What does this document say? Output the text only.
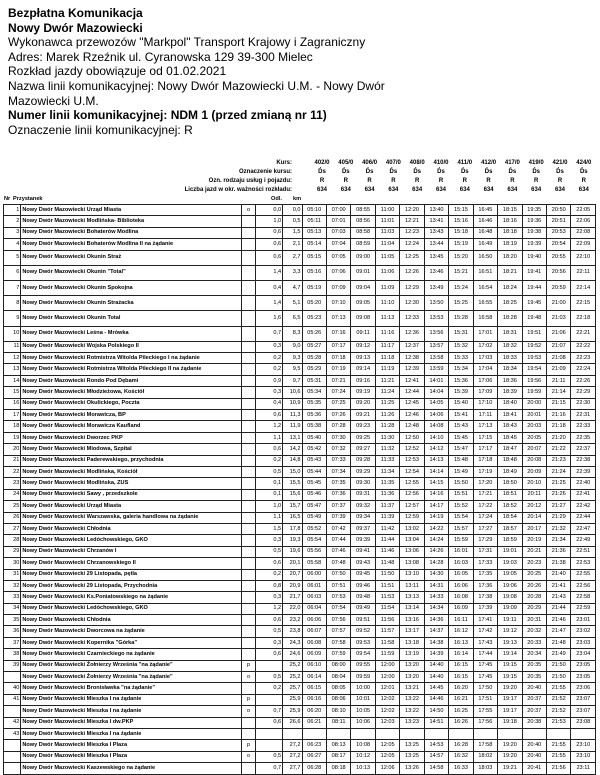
Bezpłatna Komunikacja
Nowy Dwór Mazowiecki
Wykonawca przewozów "Markpol" Transport Krajowy i Zagraniczny
Adres: Marek Rzeźnik ul. Cyranowska 129 39-300 Mielec
Rozkład jazdy obowiązuje od 01.02.2021
Nazwa linii komunikacyjnej: Nowy Dwór Mazowiecki U.M. - Nowy Dwór
Mazowiecki U.M.
Numer linii komunikacyjnej: NDM 1 (przed zmianą nr 11)
Oznaczenie linii komunikacyjnej: R
Kurs:	402/0	405/0	406/0	407/0	408/0	410/0	411/0	412/0	417/0	419/0	421/0	424/0
Oznaczenie kursu:	D́s	D́s	D́s	D́s	D́s	D́s	D́s	D́s	D́s	D́s	D́s	D́s
Ozn. rodzaju usług i pojazdu:	R	R	R	R	R	R	R	R	R	R	R	R
Liczba jazd w okr. ważności rozkładu:	634	634	634	634	634	634	634	634	634	634	634	634
Nr Przystanek	Odl. km
1	Nowy Dwór Mazowiecki Urząd Miasta	o	0,0	0,0	05:10	07:00	08:55	11:00	12:20	13:40	15:15	16:45	18:15	19:35	20:50	22:05
2	Nowy Dwór Mazowiecki Modlińska- Biblioteka		1,0	0,5	05:11	07:01	08:56	11:01	12:21	13:41	15:16	16:46	18:16	19:36	20:51	22:06
3	Nowy Dwór Mazowiecki Bohaterów Modlina		0,6	1,5	05:13	07:03	08:58	11:03	12:23	13:43	15:18	16:48	18:18	19:38	20:53	22:08
4	Nowy Dwór Mazowiecki Bohaterów Modlina II na żądanie		0,6	2,1	05:14	07:04	08:59	11:04	12:24	13:44	15:19	16:49	18:19	19:39	20:54	22:09
5	Nowy Dwór Mazowiecki Okunin Straż		0,6	2,7	05:15	07:05	09:00	11:05	12:25	13:45	15:20	16:50	18:20	19:40	20:55	22:10
6	Nowy Dwór Mazowiecki Okunin "Total"		1,4	3,3	05:16	07:06	09:01	11:06	12:26	13:46	15:21	16:51	18:21	19:41	20:56	22:11
7	Nowy Dwór Mazowiecki Okunin Spokojna		0,4	4,7	05:19	07:09	09:04	11:09	12:29	13:49	15:24	16:54	18:24	19:44	20:59	22:14
8	Nowy Dwór Mazowiecki Okunin Strażacka		1,4	5,1	05:20	07:10	09:05	11:10	12:30	13:50	15:25	16:55	18:25	19:45	21:00	22:15
9	Nowy Dwór Mazowiecki Okunin Total		1,6	6,5	05:23	07:13	09:08	11:13	12:33	13:53	15:28	16:58	18:28	19:48	21:03	22:18
10	Nowy Dwór Mazowiecki Leśna - Mrówka		0,7	8,3	05:26	07:16	09:11	11:16	12:36	13:56	15:31	17:01	18:31	19:51	21:06	22:21
11	Nowy Dwór Mazowiecki Wojska Polskiego II		0,3	9,0	05:27	07:17	09:12	11:17	12:37	13:57	15:32	17:02	18:32	19:52	21:07	22:22
12	Nowy Dwór Mazowiecki Rotmistrza Witolda Pileckiego I na żądanie		0,2	9,3	05:28	07:18	09:13	11:18	12:38	13:58	15:33	17:03	18:33	19:53	21:08	22:23
13	Nowy Dwór Mazowiecki Rotmistrza Witolda Pileckiego II na żądanie		0,2	9,5	05:29	07:19	09:14	11:19	12:39	13:59	15:34	17:04	18:34	19:54	21:09	22:24
14	Nowy Dwór Mazowiecki Rondo Pod Dębami		0,9	9,7	05:31	07:21	09:16	11:21	12:41	14:01	15:36	17:06	18:36	19:56	21:11	22:26
15	Nowy Dwór Mazowiecki Młodzieżowa, Kościół		0,3	10,6	05:34	07:24	09:19	11:24	12:44	14:04	15:39	17:09	18:39	19:59	21:14	22:29
16	Nowy Dwór Mazowiecki Okulickiego, Poczta		0,4	10,9	05:35	07:25	09:20	11:25	12:45	14:05	15:40	17:10	18:40	20:00	21:15	22:30
17	Nowy Dwór Mazowiecki Morawicza, BP		0,6	11,3	05:36	07:26	09:21	11:26	12:46	14:06	15:41	17:11	18:41	20:01	21:16	22:31
18	Nowy Dwór Mazowiecki Morawicza Kaufland		1,2	11,9	05:38	07:28	09:23	11:28	12:48	14:08	15:43	17:13	18:43	20:03	21:18	22:33
19	Nowy Dwór Mazowiecki Dworzec PKP		1,1	13,1	05:40	07:30	09:25	11:30	12:50	14:10	15:45	17:15	18:45	20:05	21:20	22:35
20	Nowy Dwór Mazowiecki Miodowa, Szpital		0,6	14,2	05:42	07:32	09:27	11:32	12:52	14:12	15:47	17:17	18:47	20:07	21:22	22:37
21	Nowy Dwór Mazowiecki Paderewskiego, przychodnia		0,2	14,8	05:43	07:33	09:28	11:33	12:53	14:13	15:48	17:18	18:48	20:08	21:23	22:38
22	Nowy Dwór Mazowiecki Modlińska, Kościół		0,5	15,0	05:44	07:34	09:29	11:34	12:54	14:14	15:49	17:19	18:49	20:09	21:24	22:39
23	Nowy Dwór Mazowiecki Modlińska, ZUS		0,1	15,5	05:45	07:35	09:30	11:35	12:55	14:15	15:50	17:20	18:50	20:10	21:25	22:40
24	Nowy Dwór Mazowiecki Sawy , przedszkole		0,1	15,6	05:46	07:36	09:31	11:36	12:56	14:16	15:51	17:21	18:51	20:11	21:26	22:41
25	Nowy Dwór Mazowiecki Urząd Miasta		1,0	15,7	05:47	07:37	09:32	11:37	12:57	14:17	15:52	17:22	18:52	20:12	21:27	22:42
26	Nowy Dwór Mazowiecki Warszawska, galeria handlowa na żądanie		1,1	16,5	05:49	07:39	09:34	11:39	12:59	14:19	15:54	17:24	18:54	20:14	21:29	22:44
27	Nowy Dwór Mazowiecki Chłodnia		1,5	17,8	05:52	07:42	09:37	11:42	13:02	14:22	15:57	17:27	18:57	20:17	21:32	22:47
28	Nowy Dwór Mazowiecki Ledóchowskiego, GKO		0,3	19,3	05:54	07:44	09:39	11:44	13:04	14:24	15:59	17:29	18:59	20:19	21:34	22:49
29	Nowy Dwór Mazowiecki Chrzanów I		0,5	19,6	05:56	07:46	09:41	11:46	13:06	14:26	16:01	17:31	19:01	20:21	21:36	22:51
30	Nowy Dwór Mazowiecki Chrzanowskiego II		0,6	20,1	05:58	07:48	09:43	11:48	13:08	14:28	16:03	17:33	19:03	20:23	21:38	22:53
31	Nowy Dwór Mazowiecki 29 Listopada, pętla		0,2	20,7	06:00	07:50	09:45	11:50	13:10	14:30	16:05	17:35	19:05	20:25	21:40	22:55
32	Nowy Dwór Mazowiecki 29 Listopada, Przychodnia		0,8	20,9	06:01	07:51	09:46	11:51	13:11	14:31	16:06	17:36	19:06	20:26	21:41	22:56
33	Nowy Dwór Mazowiecki Ks.Poniatowskiego na żądanie		0,3	21,7	06:03	07:53	09:48	11:53	13:13	14:33	16:08	17:38	19:08	20:28	21:43	22:58
34	Nowy Dwór Mazowiecki Ledóchowskiego, GKO		1,2	22,0	06:04	07:54	09:49	11:54	13:14	14:34	16:09	17:39	19:09	20:29	21:44	22:59
35	Nowy Dwór Mazowiecki Chłodnia		0,6	23,2	06:06	07:56	09:51	11:56	13:16	14:36	16:11	17:41	19:11	20:31	21:46	23:01
36	Nowy Dwór Mazowiecki Dworcowa na żądanie		0,5	23,8	06:07	07:57	09:52	11:57	13:17	14:37	16:12	17:42	19:12	20:32	21:47	23:02
37	Nowy Dwór Mazowiecki Kopernika "Górka"		0,3	24,3	06:08	07:58	09:53	11:58	13:18	14:38	16:13	17:43	19:13	20:33	21:48	23:03
38	Nowy Dwór Mazowiecki Czarnieckiego na żądanie		0,6	24,6	06:09	07:59	09:54	11:59	13:19	14:39	16:14	17:44	19:14	20:34	21:49	23:04
39	Nowy Dwór Mazowiecki Żołnierzy Września "na żądanie"	p		25,2	06:10	08:00	09:55	12:00	13:20	14:40	16:15	17:45	19:15	20:35	21:50	23:05
	Nowy Dwór Mazowiecki Żołnierzy Września "na żądanie"	o	0,5	25,2	06:14	08:04	09:59	12:00	13:20	14:40	16:15	17:45	19:15	20:35	21:50	23:05
40	Nowy Dwór Mazowiecki Bronisławka "na żądanie"		0,2	25,7	06:15	08:05	10:00	12:01	13:21	14:45	16:20	17:50	19:20	20:40	21:55	23:06
41	Nowy Dwór Mazowiecki Mieszka I na żądanie	p		25,9	06:16	08:06	10:01	12:02	13:22	14:46	16:21	17:51	19:17	20:37	21:52	23:07
	Nowy Dwór Mazowiecki Mieszka I na żądanie	o	0,7	25,9	06:20	08:10	10:05	12:02	13:22	14:50	16:25	17:55	19:17	20:37	21:52	23:07
42	Nowy Dwór Mazowiecki Mieszka I dw.PKP		0,6	26,6	06:21	08:11	10:06	12:03	13:23	14:51	16:26	17:56	19:18	20:38	21:53	23:08
43	Nowy Dwór Mazowiecki Mieszka I na żądanie															
	Nowy Dwór Mazowiecki Mieszka I Plaza	p		27,2	06:23	08:13	10:08	12:05	13:25	14:53	16:28	17:58	19:20	20:40	21:55	23:10
	Nowy Dwór Mazowiecki Mieszka I Plaza	o	0,5	27,2	06:27	08:17	10:12	12:05	13:25	14:57	16:32	18:02	19:20	20:40	21:55	23:10
	Nowy Dwór Mazowiecki Kaszewskiego na żądanie		0,7	27,7	06:28	08:18	10:13	12:06	13:26	14:58	16:33	18:03	19:21	20:41	21:56	23:11
